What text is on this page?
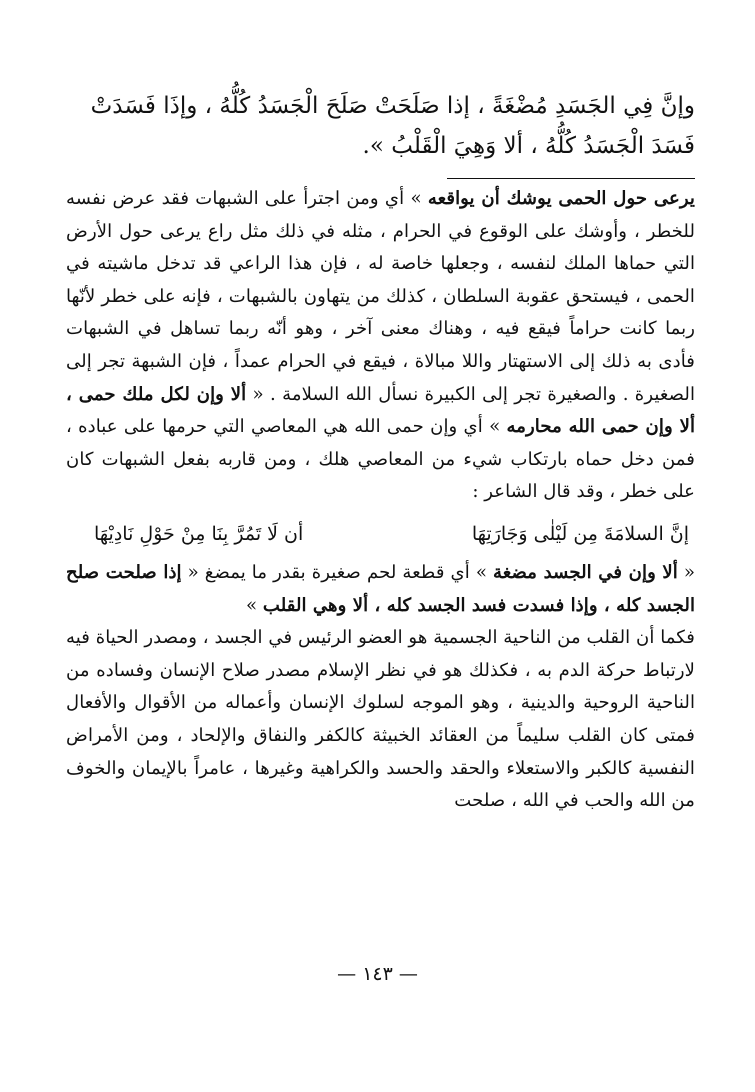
وإنَّ فِي الجَسَدِ مُضْغَةً ، إذا صَلَحَتْ صَلَحَ الْجَسَدُ كُلُّهُ ، وإذَا فَسَدَتْ
فَسَدَ الْجَسَدُ كُلُّهُ ، ألا وَهِيَ الْقَلْبُ ».

يرعى حول الحمى يوشك أن يواقعه » أي ومن اجترأ على الشبهات فقد عرض نفسه للخطر ، وأوشك على الوقوع في الحرام ، مثله في ذلك مثل راع يرعى حول الأرض التي حماها الملك لنفسه ، وجعلها خاصة له ، فإن هذا الراعي قد تدخل ماشيته في الحمى ، فيستحق عقوبة السلطان ، كذلك من يتهاون بالشبهات ، فإنه على خطر لأنّها ربما كانت حراماً فيقع فيه ، وهناك معنى آخر ، وهو أنّه ربما تساهل في الشبهات فأدى به ذلك إلى الاستهتار واللا مبالاة ، فيقع في الحرام عمداً ، فإن الشبهة تجر إلى الصغيرة . والصغيرة تجر إلى الكبيرة نسأل الله السلامة . « ألا وإن لكل ملك حمى ، ألا وإن حمى الله محارمه » أي وإن حمى الله هي المعاصي التي حرمها على عباده ، فمن دخل حماه بارتكاب شيء من المعاصي هلك ، ومن قاربه بفعل الشبهات كان على خطر ، وقد قال الشاعر :

إنَّ السلامَةَ مِن لَيْلٰى وَجَارَتِهَا
أن لَا تَمُرَّ بِنَا مِنْ حَوْلِ نَادِيْهَا

« ألا وإن في الجسد مضغة » أي قطعة لحم صغيرة بقدر ما يمضغ « إذا صلحت صلح الجسد كله ، وإذا فسدت فسد الجسد كله ، ألا وهي القلب »

فكما أن القلب من الناحية الجسمية هو العضو الرئيس في الجسد ، ومصدر الحياة فيه لارتباط حركة الدم به ، فكذلك هو في نظر الإسلام مصدر صلاح الإنسان وفساده من الناحية الروحية والدينية ، وهو الموجه لسلوك الإنسان وأعماله من الأقوال والأفعال فمتى كان القلب سليماً من العقائد الخبيثة كالكفر والنفاق والإلحاد ، ومن الأمراض النفسية كالكبر والاستعلاء والحقد والحسد والكراهية وغيرها ، عامراً بالإيمان والخوف من الله والحب في الله ، صلحت

— ١٤٣ —
